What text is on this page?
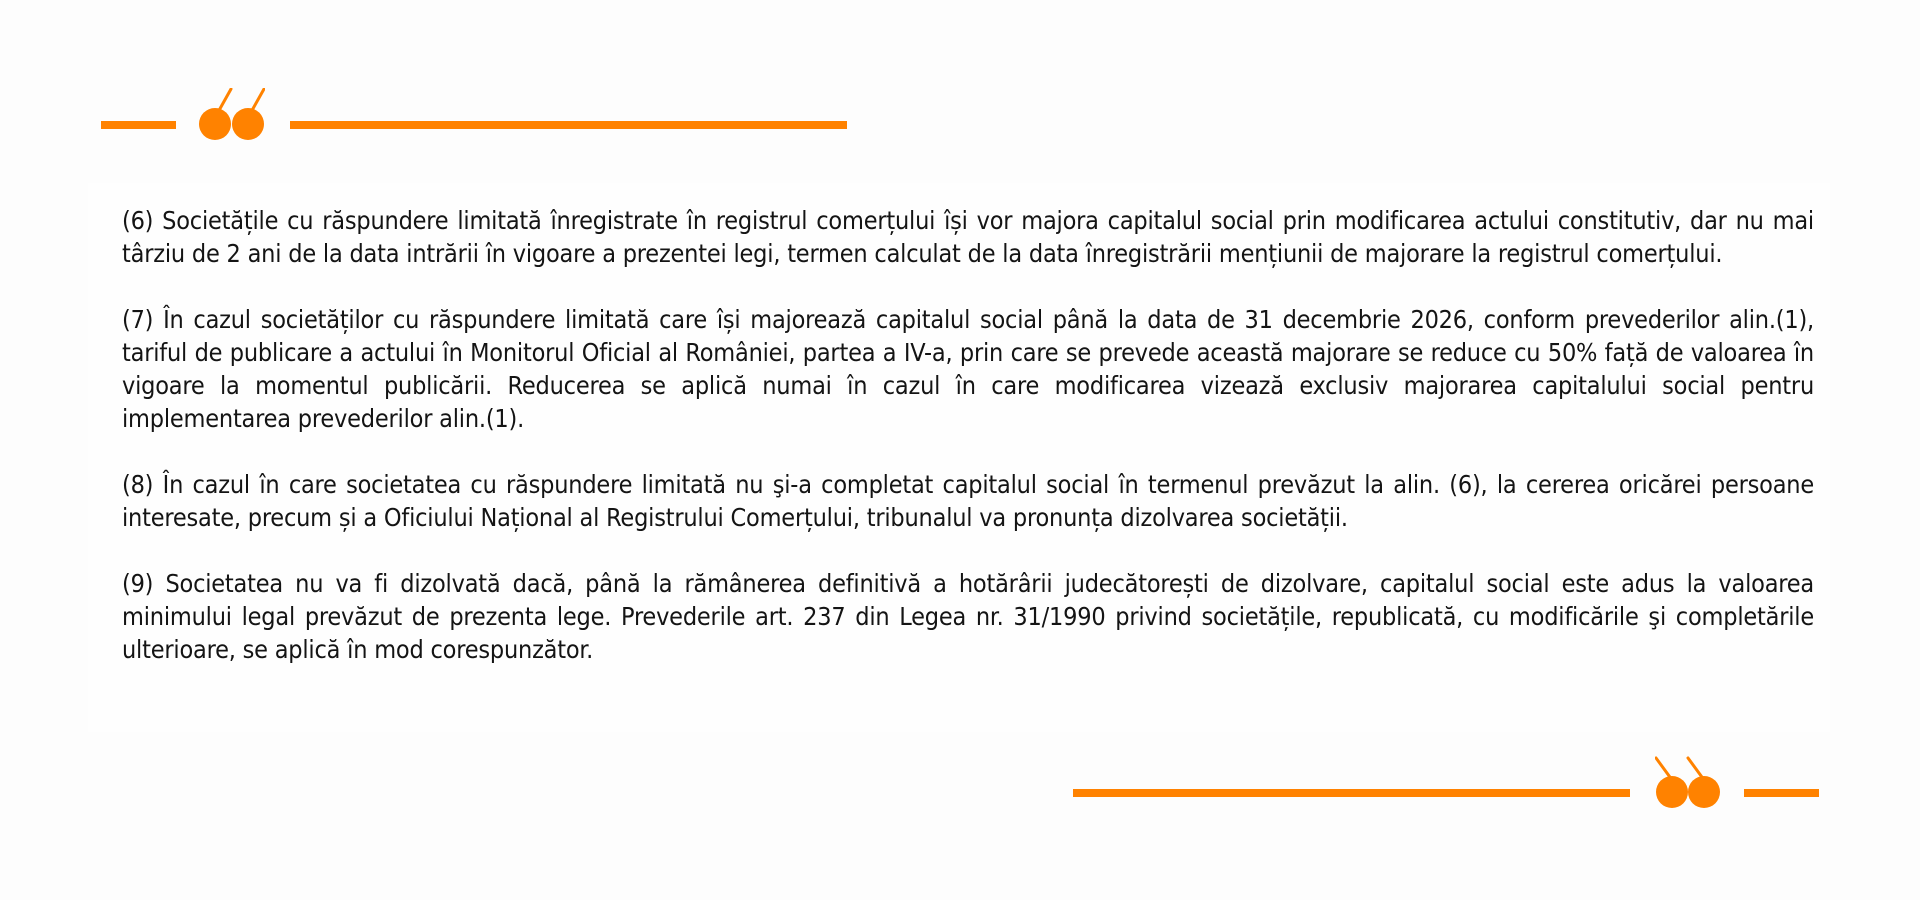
(6) Societățile cu răspundere limitată înregistrate în registrul comerțului își vor majora capitalul social prin modificarea actului constitutiv, dar nu mai târziu de 2 ani de la data intrării în vigoare a prezentei legi, termen calculat de la data înregistrării mențiunii de majorare la registrul comerțului.

(7) În cazul societăților cu răspundere limitată care își majorează capitalul social până la data de 31 decembrie 2026, conform prevederilor alin.(1), tariful de publicare a actului în Monitorul Oficial al României, partea a IV-a, prin care se prevede această majorare se reduce cu 50% față de valoarea în vigoare la momentul publicării. Reducerea se aplică numai în cazul în care modificarea vizează exclusiv majorarea capitalului social pentru implementarea prevederilor alin.(1).

(8) În cazul în care societatea cu răspundere limitată nu şi-a completat capitalul social în termenul prevăzut la alin. (6), la cererea oricărei persoane interesate, precum și a Oficiului Național al Registrului Comerțului, tribunalul va pronunța dizolvarea societății.

(9) Societatea nu va fi dizolvată dacă, până la rămânerea definitivă a hotărârii judecătorești de dizolvare, capitalul social este adus la valoarea minimului legal prevăzut de prezenta lege. Prevederile art. 237 din Legea nr. 31/1990 privind societățile, republicată, cu modificările şi completările ulterioare, se aplică în mod corespunzător.
